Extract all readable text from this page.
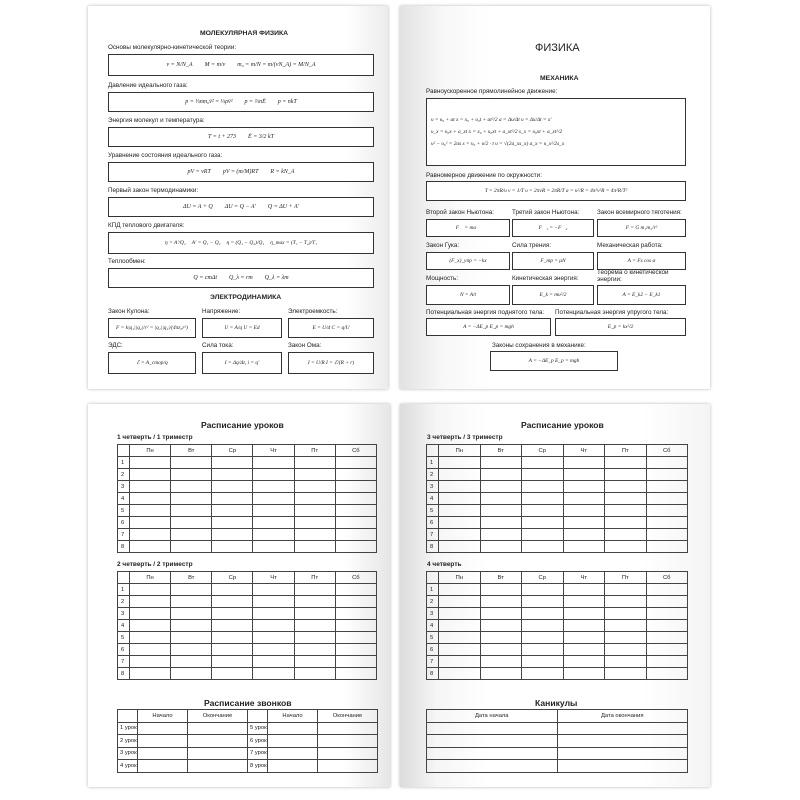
МОЛЕКУЛЯРНАЯ ФИЗИКА
Основы молекулярно-кинетической теории:
ν = N/N_A M = m/ν m₀ = m/N = m/(νN_A) = M/N_A
Давление идеального газа:
p = ⅓nm₀v̄² = ⅓ρv̄² p = ⅔nĒ p = nkT
Энергия молекул и температура:
T = t + 273 Ē = 3/2 kT
Уравнение состояния идеального газа:
pV = νRT pV = (m/M)RT R = kN_A
Первый закон термодинамики:
ΔU = A + Q ΔU = Q − A′ Q = ΔU + A′
КПД теплового двигателя:
η = A′/Q₁ A′ = Q₁ − Q₂ η = (Q₁ − Q₂)/Q₁ η_max = (T₁ − T₂)/T₁
Теплообмен:
Q = cmΔt Q_λ = rm Q_λ = λm
ЭЛЕКТРОДИНАМИКА
Закон Кулона:
F = k|q₁||q₂|/r² = |q₁||q₂|/(4πε₀r²)
Напряжение:
U = A/q U = Ed
Электроемкость:
E = U/d C = q/U
ЭДС:
ℰ = A_стор/q
Сила тока:
I = Δq/Δt, i = q′
Закон Ома:
I = U/R I = ℰ/(R + r)
ФИЗИКА
МЕХАНИКА
Равноускоренное прямолинейное движение:
υ = υ₀ + at x = x₀ + υ₀t + at²/2 a = Δυ/Δt υ = Δx/Δt = x′
υ_x = υ₀x + a_xt x = x₀ + υ₀xt + a_xt²/2 s_x = υ₀xt + a_xt²/2
υ² − υ₀² = 2as s = υ₀ + υ/2 · t υ = √(2a_xs_x) a_x = υ_x²/2s_x
Равномерное движение по окружности:
T = 2πR/υ ν = 1/T υ = 2πνR = 2πR/T a = υ²/R = 4π²ν²R = 4π²R/T²
Второй закон Ньютона:
F⃗ = ma⃗
Третий закон Ньютона:
F⃗₁ = −F⃗₂
Закон всемирного тяготения:
F = G m₁m₂/r²
Закон Гука:
(F_x)_упр = −kx
Сила трения:
F_тр = μN
Механическая работа:
A = Fs cos α
Мощность:
N = A/t
Кинетическая энергия:
E_k = mυ²/2
Теорема о кинетической энергии:
A = E_k2 − E_k1
Потенциальная энергия поднятого тела:
A = −ΔE_p E_p = mgh
Потенциальная энергия упругого тела:
E_p = kx²/2
Законы сохранения в механике:
A = −ΔE_p E_p = mgh
Расписание уроков
1 четверть / 1 триместр
	Пн	Вт	Ср	Чт	Пт	Сб
1						
2						
3						
4						
5						
6						
7						
8						
2 четверть / 2 триместр
	Пн	Вт	Ср	Чт	Пт	Сб
1						
2						
3						
4						
5						
6						
7						
8						
Расписание звонков
	Начало	Окончание		Начало	Окончание
1 урок			5 урок		
2 урок			6 урок		
3 урок			7 урок		
4 урок			8 урок		
Расписание уроков
3 четверть / 3 триместр
	Пн	Вт	Ср	Чт	Пт	Сб
1						
2						
3						
4						
5						
6						
7						
8						
4 четверть
	Пн	Вт	Ср	Чт	Пт	Сб
1						
2						
3						
4						
5						
6						
7						
8						
Каникулы
Дата начала	Дата окончания
